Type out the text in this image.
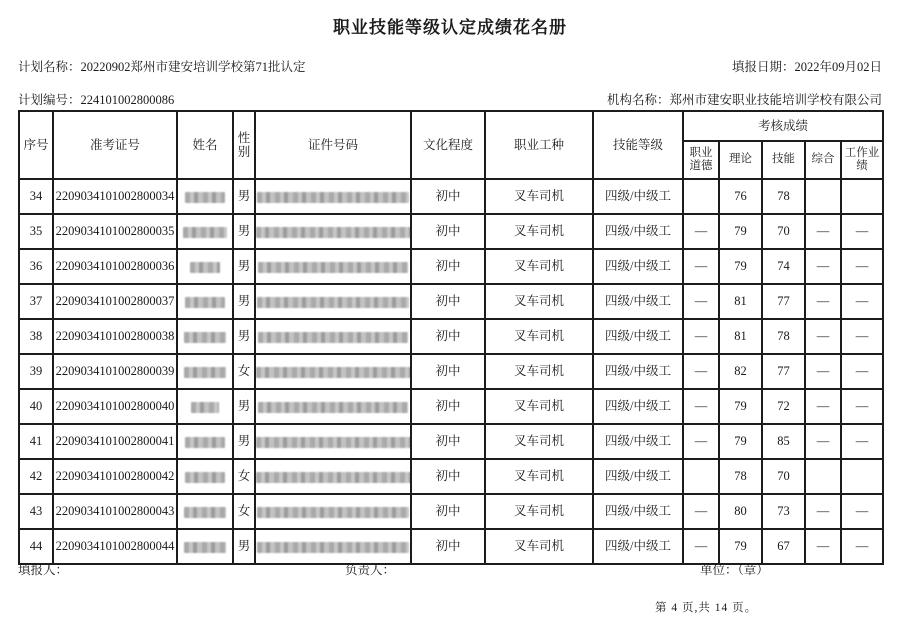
职业技能等级认定成绩花名册
计划名称：20220902郑州市建安培训学校第71批认定	填报日期：2022年09月02日
计划编号：224101002800086	机构名称：郑州市建安职业技能培训学校有限公司
序号	准考证号	姓名	性别	证件号码	文化程度	职业工种	技能等级	考核成绩				
								职业道德	理论	技能	综合	工作业绩
34	2209034101002800034		男		初中	叉车司机	四级/中级工		76	78		
35	2209034101002800035		男		初中	叉车司机	四级/中级工	—	79	70	—	—
36	2209034101002800036		男		初中	叉车司机	四级/中级工	—	79	74	—	—
37	2209034101002800037		男		初中	叉车司机	四级/中级工	—	81	77	—	—
38	2209034101002800038		男		初中	叉车司机	四级/中级工	—	81	78	—	—
39	2209034101002800039		女		初中	叉车司机	四级/中级工	—	82	77	—	—
40	2209034101002800040		男		初中	叉车司机	四级/中级工	—	79	72	—	—
41	2209034101002800041		男		初中	叉车司机	四级/中级工	—	79	85	—	—
42	2209034101002800042		女		初中	叉车司机	四级/中级工		78	70		
43	2209034101002800043		女		初中	叉车司机	四级/中级工	—	80	73	—	—
44	2209034101002800044		男		初中	叉车司机	四级/中级工	—	79	67	—	—
填报人：	负责人：	单位：（章）
第 4 页,共 14 页。
